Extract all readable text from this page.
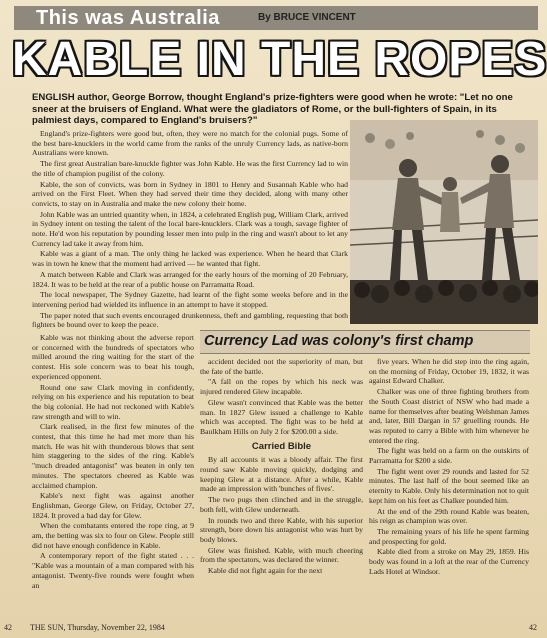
This was Australia	By BRUCE VINCENT
KABLE IN THE ROPES
ENGLISH author, George Borrow, thought England's prize-fighters were good when he wrote: "Let no one sneer at the bruisers of England. What were the gladiators of Rome, or the bull-fighters of Spain, in its palmiest days, compared to England's bruisers?"

England's prize-fighters were good but, often, they were no match for the colonial pugs. Some of the best bare-knucklers in the world came from the ranks of the unruly Currency lads, as native-born Australians were known.

The first great Australian bare-knuckle fighter was John Kable. He was the first Currency lad to win the title of champion pugilist of the colony.

Kable, the son of convicts, was born in Sydney in 1801 to Henry and Susannah Kable who had arrived on the First Fleet. When they had served their time they decided, along with many other convicts, to stay on in Australia and make the new colony their home.

John Kable was an untried quantity when, in 1824, a celebrated English pug, William Clark, arrived in Sydney intent on testing the talent of the local bare-knucklers. Clark was a tough, savage fighter of note. He'd won his reputation by pounding lesser men into pulp in the ring and wasn't about to let any Currency lad take it away from him.

Kable was a giant of a man. The only thing he lacked was experience. When he heard that Clark was in town he knew that the moment had arrived — he wanted that fight.

A match between Kable and Clark was arranged for the early hours of the morning of 20 February, 1824. It was to be held at the rear of a public house on Parramatta Road.

The local newspaper, The Sydney Gazette, had learnt of the fight some weeks before and in the intervening period had wielded its influence in an attempt to have it stopped.

The paper noted that such events encouraged drunkenness, theft and gambling, requesting that both fighters be bound over to keep the peace.

Kable was not thinking about the adverse report or concerned with the hundreds of spectators who milled around the ring waiting for the start of the contest. His sole concern was to beat his tough, experienced opponent.

Round one saw Clark moving in confidently, relying on his experience and his reputation to beat the big colonial. He had not reckoned with Kable's raw strength and will to win.

Clark realised, in the first few minutes of the contest, that this time he had met more than his match. He was hit with thunderous blows that sent him staggering to the sides of the ring. Kable's "much dreaded antagonist" was beaten in only ten minutes. The spectators cheered as Kable was acclaimed champion.

Kable's next fight was against another Englishman, George Glew, on Friday, October 27, 1824. It proved a bad day for Glew.

When the combatants entered the rope ring, at 9 am, the betting was six to four on Glew. People still did not have enough confidence in Kable.

A contemporary report of the fight stated . . . "Kable was a mountain of a man compared with his antagonist. Twenty-five rounds were fought when an

Currency Lad was colony's first champ

accident decided not the superiority of man, but the fate of the battle.

"A fall on the ropes by which his neck was injured rendered Glew incapable.

Glew wasn't convinced that Kable was the better man. In 1827 Glew issued a challenge to Kable which was accepted. The fight was to be held at Baulkham Hills on July 2 for $200.00 a side.

Carried Bible

By all accounts it was a bloody affair. The first round saw Kable moving quickly, dodging and keeping Glew at a distance. After a while, Kable made an impression with 'bunches of fives'.

The two pugs then clinched and in the struggle, both fell, with Glew underneath.

In rounds two and three Kable, with his superior strength, bore down his antagonist who was hurt by body blows.

Glew was finished. Kable, with much cheering from the spectators, was declared the winner.

Kable did not fight again for the next

five years. When he did step into the ring again, on the morning of Friday, October 19, 1832, it was against Edward Chalker.

Chalker was one of three fighting brothers from the South Coast district of NSW who had made a name for themselves after beating Welshman James and, later, Bill Dargan in 57 gruelling rounds. He was reputed to carry a Bible with him whenever he entered the ring.

The fight was held on a farm on the outskirts of Parramatta for $200 a side.

The fight went over 29 rounds and lasted for 52 minutes. The last half of the bout seemed like an eternity to Kable. Only his determination not to quit kept him on his feet as Chalker pounded him.

At the end of the 29th round Kable was beaten, his reign as champion was over.

The remaining years of his life he spent farming and prospecting for gold.

Kable died from a stroke on May 29, 1859. His body was found in a loft at the rear of the Currency Lads Hotel at Windsor.

42 THE SUN, Thursday, November 22, 1984	42
